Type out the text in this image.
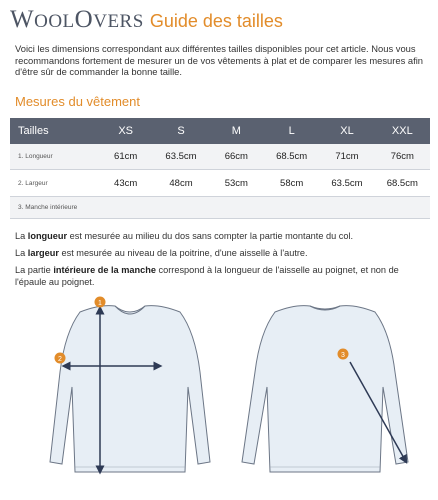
WOOLOVERS Guide des tailles

Voici les dimensions correspondant aux différentes tailles disponibles pour cet article. Nous vous recommandons fortement de mesurer un de vos vêtements à plat et de comparer les mesures afin d'être sûr de commander la bonne taille.

Mesures du vêtement
Tailles	XS	S	M	L	XL	XXL
1. Longueur	61cm	63.5cm	66cm	68.5cm	71cm	76cm
2. Largeur	43cm	48cm	53cm	58cm	63.5cm	68.5cm
3. Manche intérieure

La longueur est mesurée au milieu du dos sans compter la partie montante du col.

La largeur est mesurée au niveau de la poitrine, d'une aisselle à l'autre.

La partie intérieure de la manche correspond à la longueur de l'aisselle au poignet, et non de l'épaule au poignet.

1
2
3
